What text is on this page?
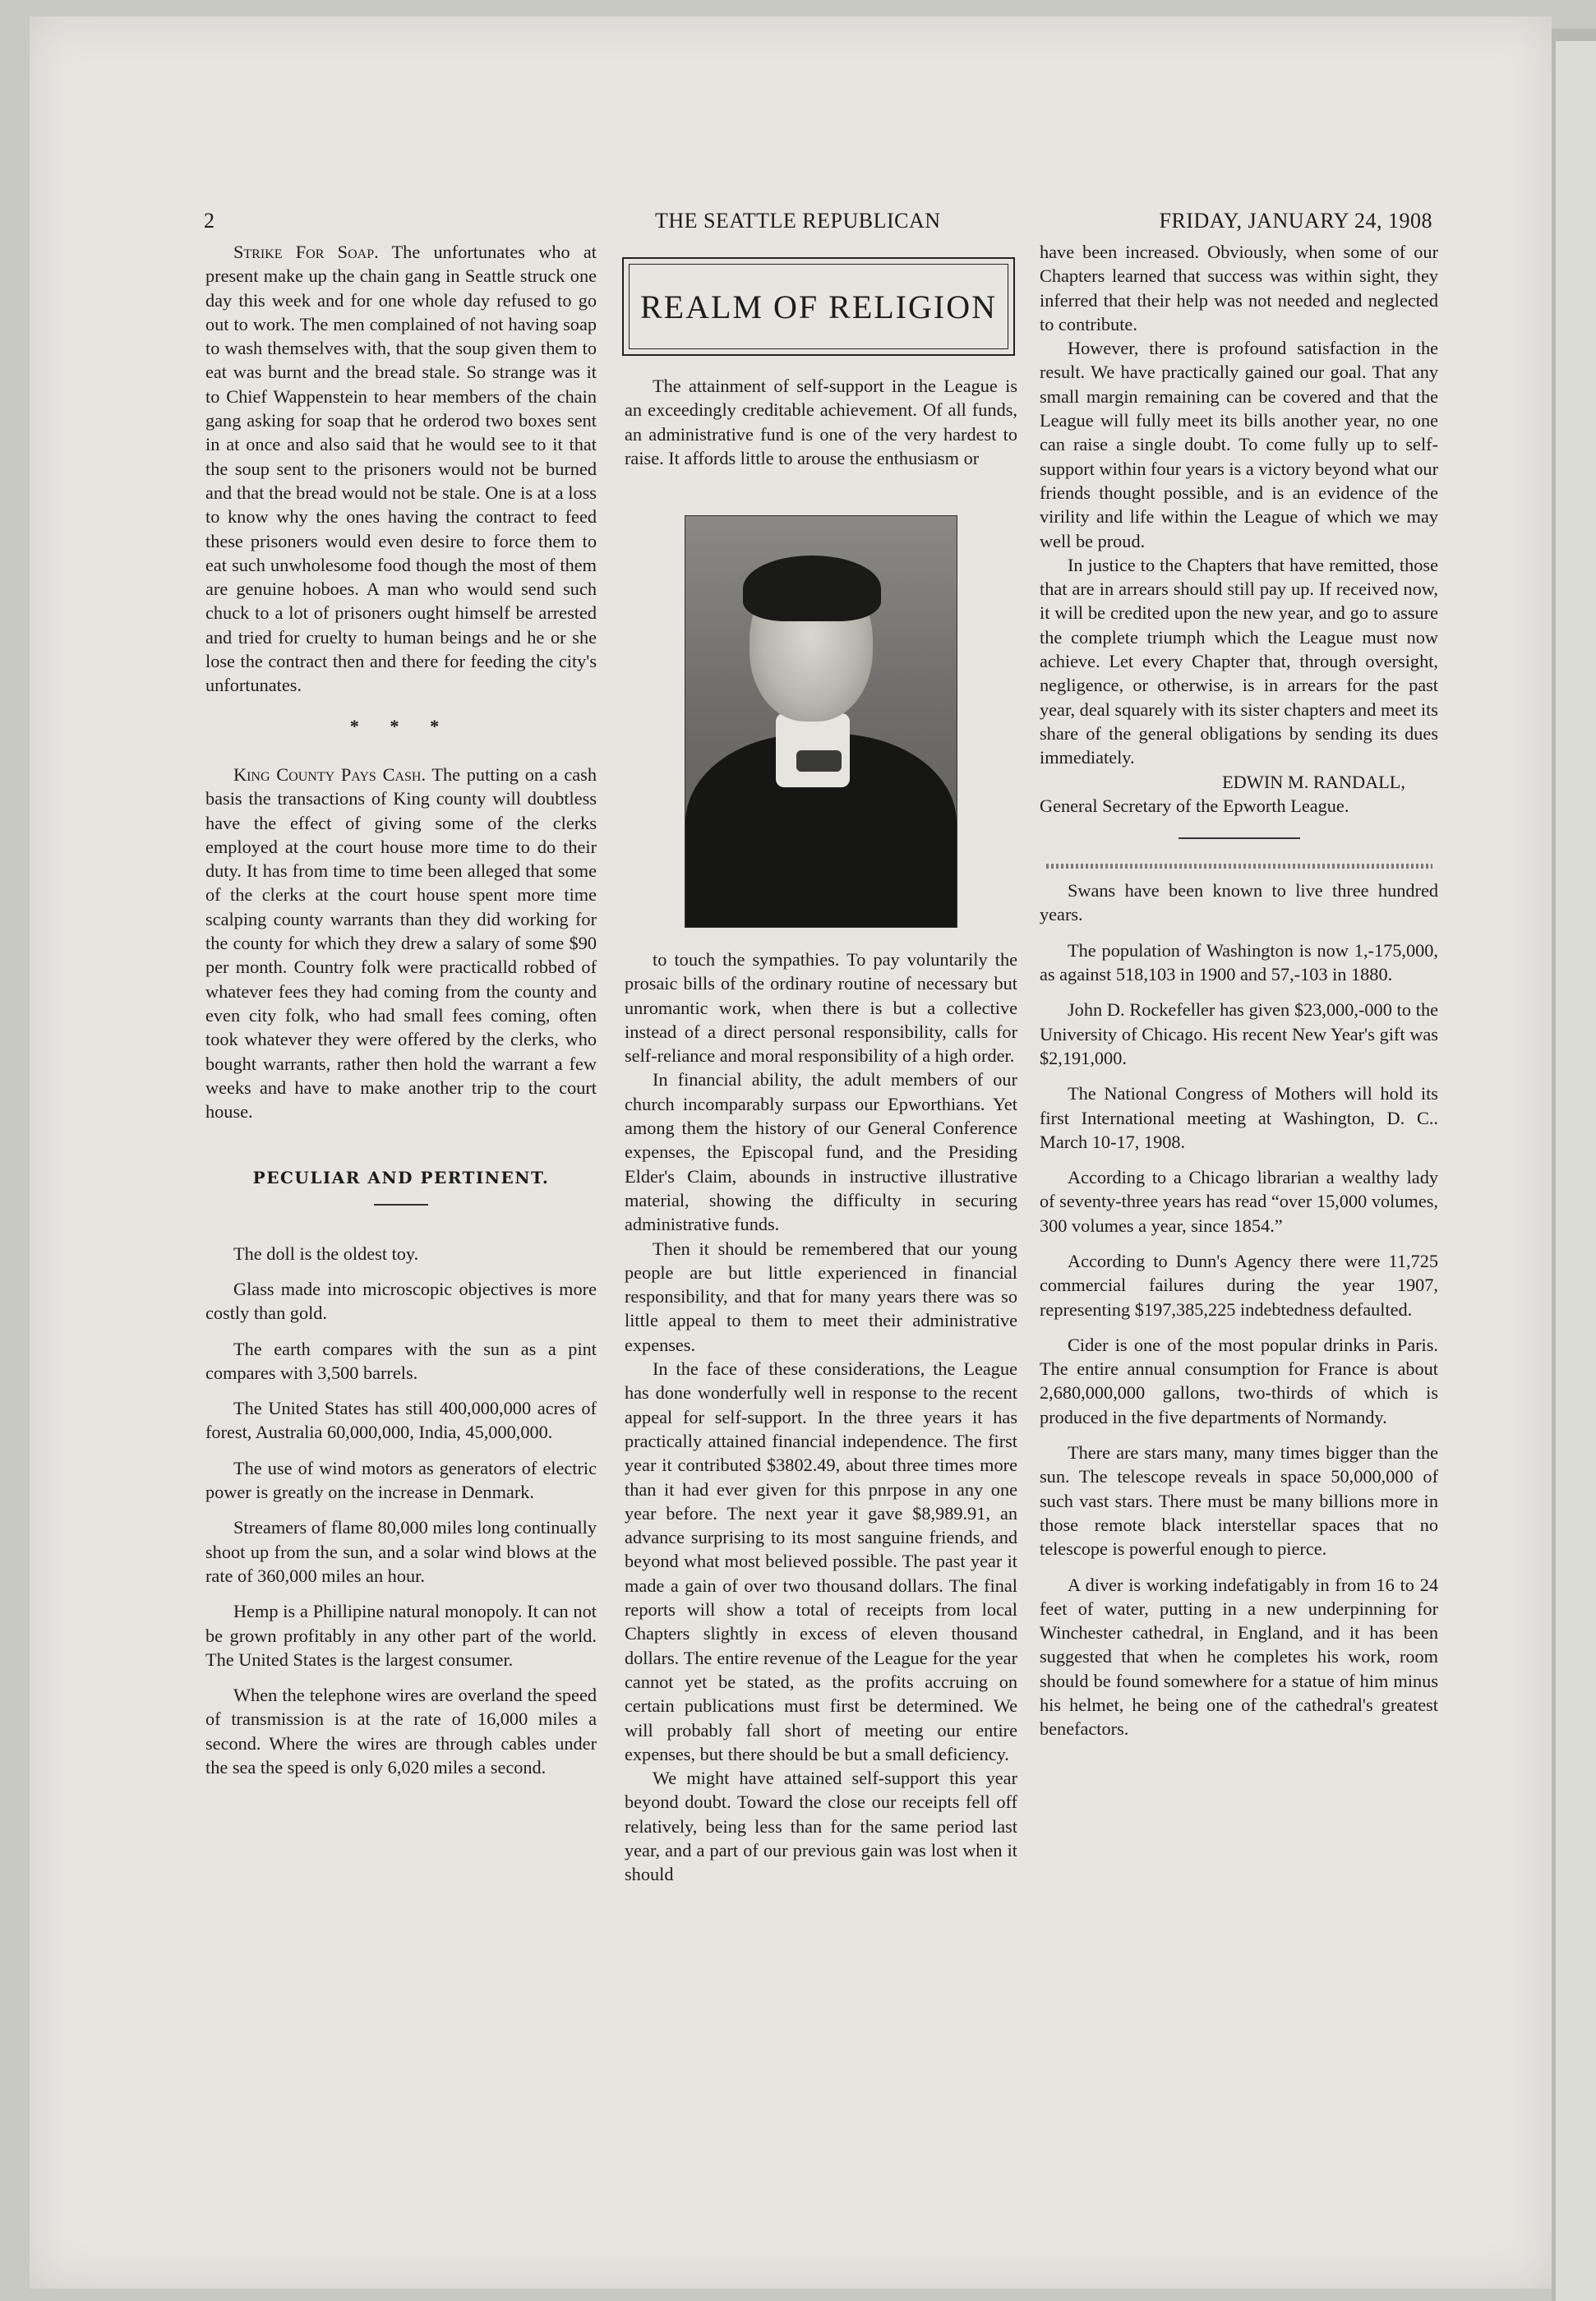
2	THE SEATTLE REPUBLICAN	FRIDAY, JANUARY 24, 1908

Strike For Soap. The unfortunates who at present make up the chain gang in Seattle struck one day this week and for one whole day refused to go out to work. The men complained of not having soap to wash themselves with, that the soup given them to eat was burnt and the bread stale. So strange was it to Chief Wappenstein to hear members of the chain gang asking for soap that he orderod two boxes sent in at once and also said that he would see to it that the soup sent to the prisoners would not be burned and that the bread would not be stale. One is at a loss to know why the ones having the contract to feed these prisoners would even desire to force them to eat such unwholesome food though the most of them are genuine hoboes. A man who would send such chuck to a lot of prisoners ought himself be arrested and tried for cruelty to human beings and he or she lose the contract then and there for feeding the city's unfortunates.

* * *

King County Pays Cash. The putting on a cash basis the transactions of King county will doubtless have the effect of giving some of the clerks employed at the court house more time to do their duty. It has from time to time been alleged that some of the clerks at the court house spent more time scalping county warrants than they did working for the county for which they drew a salary of some $90 per month. Country folk were practicalld robbed of whatever fees they had coming from the county and even city folk, who had small fees coming, often took whatever they were offered by the clerks, who bought warrants, rather then hold the warrant a few weeks and have to make another trip to the court house.

PECULIAR AND PERTINENT.

The doll is the oldest toy.

Glass made into microscopic objectives is more costly than gold.

The earth compares with the sun as a pint compares with 3,500 barrels.

The United States has still 400,000,000 acres of forest, Australia 60,000,000, India, 45,000,000.

The use of wind motors as generators of electric power is greatly on the increase in Denmark.

Streamers of flame 80,000 miles long continually shoot up from the sun, and a solar wind blows at the rate of 360,000 miles an hour.

Hemp is a Phillipine natural monopoly. It can not be grown profitably in any other part of the world. The United States is the largest consumer.

When the telephone wires are overland the speed of transmission is at the rate of 16,000 miles a second. Where the wires are through cables under the sea the speed is only 6,020 miles a second.

REALM OF RELIGION

The attainment of self-support in the League is an exceedingly creditable achievement. Of all funds, an administrative fund is one of the very hardest to raise. It affords little to arouse the enthusiasm or

to touch the sympathies. To pay voluntarily the prosaic bills of the ordinary routine of necessary but unromantic work, when there is but a collective instead of a direct personal responsibility, calls for self-reliance and moral responsibility of a high order.

In financial ability, the adult members of our church incomparably surpass our Epworthians. Yet among them the history of our General Conference expenses, the Episcopal fund, and the Presiding Elder's Claim, abounds in instructive illustrative material, showing the difficulty in securing administrative funds.

Then it should be remembered that our young people are but little experienced in financial responsibility, and that for many years there was so little appeal to them to meet their administrative expenses.

In the face of these considerations, the League has done wonderfully well in response to the recent appeal for self-support. In the three years it has practically attained financial independence. The first year it contributed $3802.49, about three times more than it had ever given for this pnrpose in any one year before. The next year it gave $8,989.91, an advance surprising to its most sanguine friends, and beyond what most believed possible. The past year it made a gain of over two thousand dollars. The final reports will show a total of receipts from local Chapters slightly in excess of eleven thousand dollars. The entire revenue of the League for the year cannot yet be stated, as the profits accruing on certain publications must first be determined. We will probably fall short of meeting our entire expenses, but there should be but a small deficiency.

We might have attained self-support this year beyond doubt. Toward the close our receipts fell off relatively, being less than for the same period last year, and a part of our previous gain was lost when it should

have been increased. Obviously, when some of our Chapters learned that success was within sight, they inferred that their help was not needed and neglected to contribute.

However, there is profound satisfaction in the result. We have practically gained our goal. That any small margin remaining can be covered and that the League will fully meet its bills another year, no one can raise a single doubt. To come fully up to self-support within four years is a victory beyond what our friends thought possible, and is an evidence of the virility and life within the League of which we may well be proud.

In justice to the Chapters that have remitted, those that are in arrears should still pay up. If received now, it will be credited upon the new year, and go to assure the complete triumph which the League must now achieve. Let every Chapter that, through oversight, negligence, or otherwise, is in arrears for the past year, deal squarely with its sister chapters and meet its share of the general obligations by sending its dues immediately.

EDWIN M. RANDALL,

General Secretary of the Epworth League.

Swans have been known to live three hundred years.

The population of Washington is now 1,-175,000, as against 518,103 in 1900 and 57,-103 in 1880.

John D. Rockefeller has given $23,000,-000 to the University of Chicago. His recent New Year's gift was $2,191,000.

The National Congress of Mothers will hold its first International meeting at Washington, D. C.. March 10-17, 1908.

According to a Chicago librarian a wealthy lady of seventy-three years has read “over 15,000 volumes, 300 volumes a year, since 1854.”

According to Dunn's Agency there were 11,725 commercial failures during the year 1907, representing $197,385,225 indebtedness defaulted.

Cider is one of the most popular drinks in Paris. The entire annual consumption for France is about 2,680,000,000 gallons, two-thirds of which is produced in the five departments of Normandy.

There are stars many, many times bigger than the sun. The telescope reveals in space 50,000,000 of such vast stars. There must be many billions more in those remote black interstellar spaces that no telescope is powerful enough to pierce.

A diver is working indefatigably in from 16 to 24 feet of water, putting in a new underpinning for Winchester cathedral, in England, and it has been suggested that when he completes his work, room should be found somewhere for a statue of him minus his helmet, he being one of the cathedral's greatest benefactors.
